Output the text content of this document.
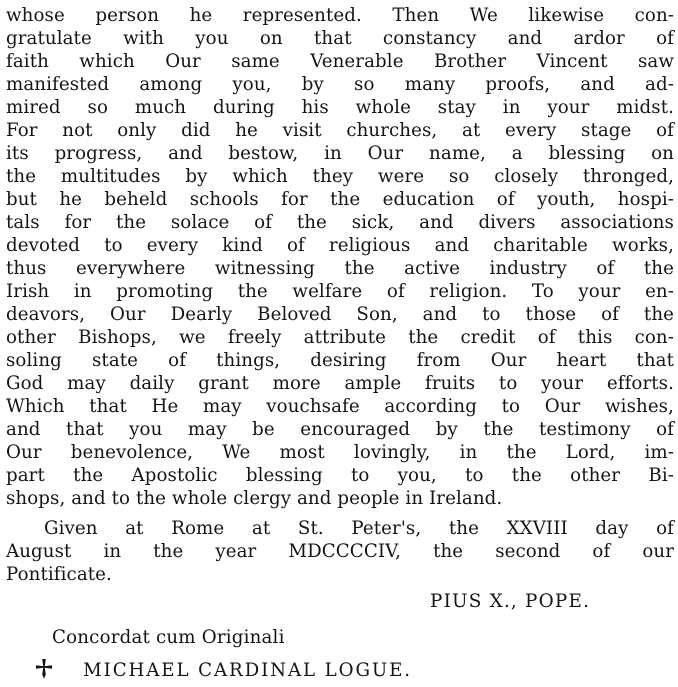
whose person he represented. Then We likewise con-
gratulate with you on that constancy and ardor of
faith which Our same Venerable Brother Vincent saw
manifested among you, by so many proofs, and ad-
mired so much during his whole stay in your midst.
For not only did he visit churches, at every stage of
its progress, and bestow, in Our name, a blessing on
the multitudes by which they were so closely thronged,
but he beheld schools for the education of youth, hospi-
tals for the solace of the sick, and divers associations
devoted to every kind of religious and charitable works,
thus everywhere witnessing the active industry of the
Irish in promoting the welfare of religion. To your en-
deavors, Our Dearly Beloved Son, and to those of the
other Bishops, we freely attribute the credit of this con-
soling state of things, desiring from Our heart that
God may daily grant more ample fruits to your efforts.
Which that He may vouchsafe according to Our wishes,
and that you may be encouraged by the testimony of
Our benevolence, We most lovingly, in the Lord, im-
part the Apostolic blessing to you, to the other Bi-
shops, and to the whole clergy and people in Ireland.
Given at Rome at St. Peter's, the XXVIII day of
August in the year MDCCCCIV, the second of our
Pontificate.
PIUS X., POPE.
Concordat cum Originali
MICHAEL CARDINAL LOGUE.
